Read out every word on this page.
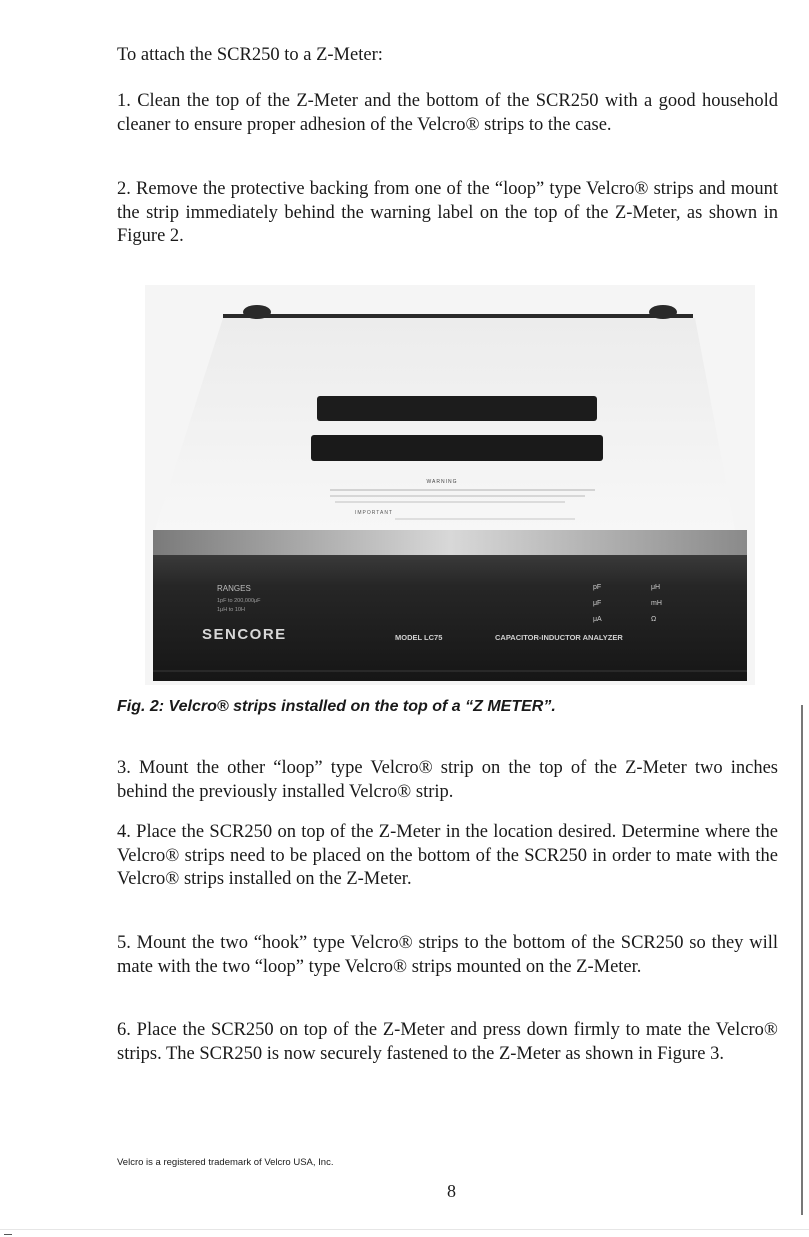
To attach the SCR250 to a Z-Meter:

1. Clean the top of the Z-Meter and the bottom of the SCR250 with a good household cleaner to ensure proper adhesion of the Velcro® strips to the case.

2. Remove the protective backing from one of the “loop” type Velcro® strips and mount the strip immediately behind the warning label on the top of the Z-Meter, as shown in Figure 2.

WARNING
IMPORTANT
RANGES
1pF to 200,000μF
1μH to 10H
SENCORE	MODEL LC75	CAPACITOR-INDUCTOR ANALYZER
pF	μH
μF	mH
μA	Ω

Fig. 2: Velcro® strips installed on the top of a “Z METER”.

3. Mount the other “loop” type Velcro® strip on the top of the Z-Meter two inches behind the previously installed Velcro® strip.

4. Place the SCR250 on top of the Z-Meter in the location desired. Determine where the Velcro® strips need to be placed on the bottom of the SCR250 in order to mate with the Velcro® strips installed on the Z-Meter.

5. Mount the two “hook” type Velcro® strips to the bottom of the SCR250 so they will mate with the two “loop” type Velcro® strips mounted on the Z-Meter.

6. Place the SCR250 on top of the Z-Meter and press down firmly to mate the Velcro® strips. The SCR250 is now securely fastened to the Z-Meter as shown in Figure 3.

Velcro is a registered trademark of Velcro USA, Inc.

8
